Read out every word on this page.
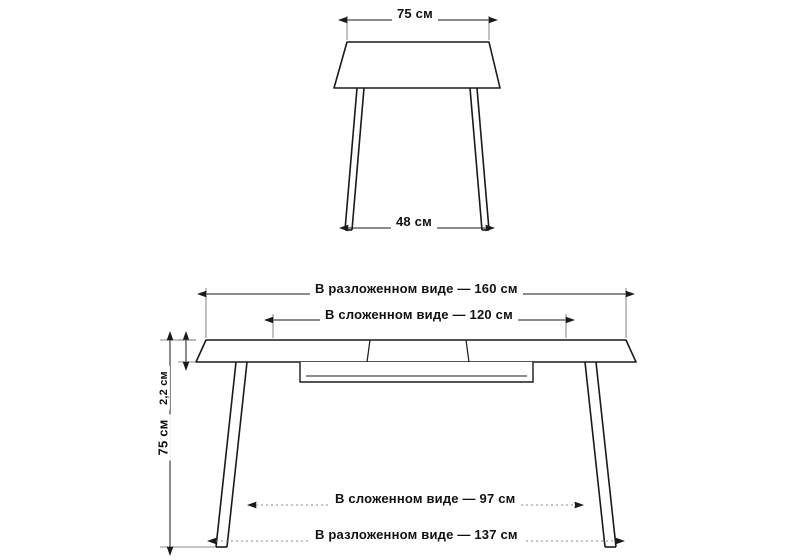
75 см
48 см
В разложенном виде — 160 см
В сложенном виде — 120 см
2,2 см
75 см
В сложенном виде — 97 см
В разложенном виде — 137 см
